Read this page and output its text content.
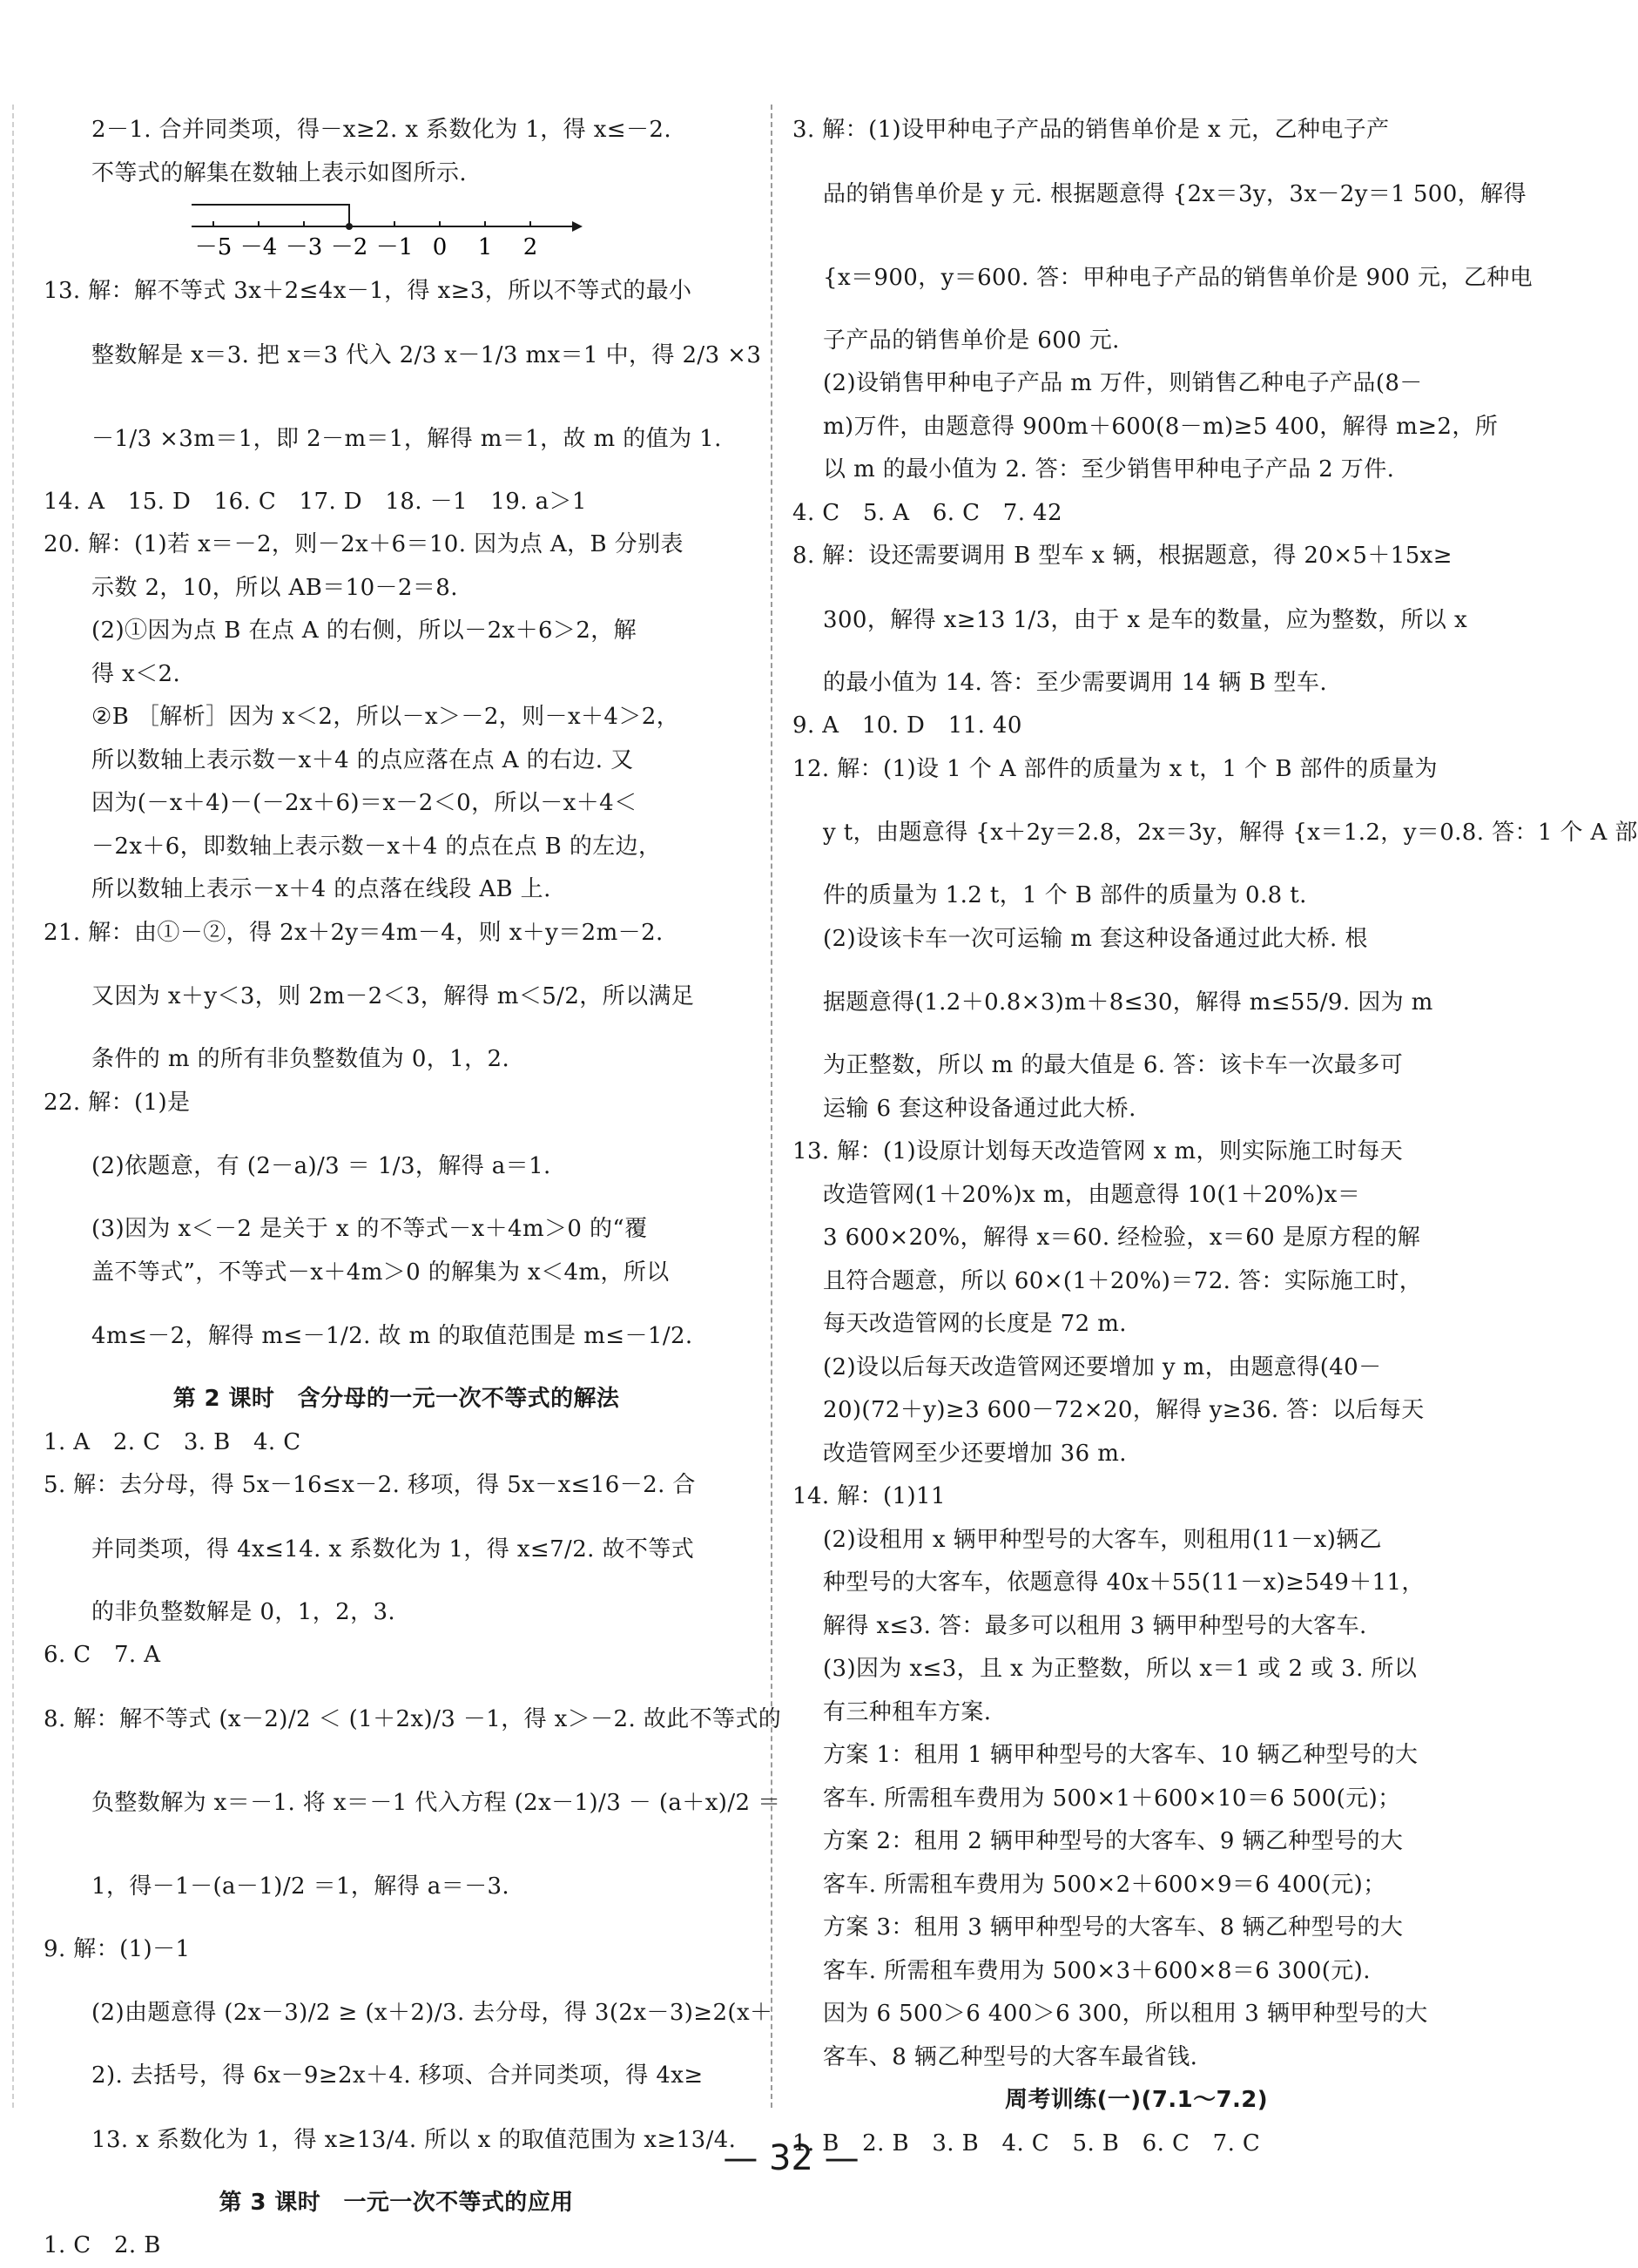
2－1. 合并同类项，得－x≥2. x 系数化为 1，得 x≤－2.
不等式的解集在数轴上表示如图所示.
－5 －4 －3 －2 －1 0 1 2
13. 解：解不等式 3x＋2≤4x－1，得 x≥3，所以不等式的最小
整数解是 x＝3. 把 x＝3 代入 2/3 x－1/3 mx＝1 中，得 2/3 ×3
－1/3 ×3m＝1，即 2－m＝1，解得 m＝1，故 m 的值为 1.
14. A　15. D　16. C　17. D　18. －1　19. a＞1
20. 解：(1)若 x＝－2，则－2x＋6＝10. 因为点 A，B 分别表
示数 2，10，所以 AB＝10－2＝8.
(2)①因为点 B 在点 A 的右侧，所以－2x＋6＞2，解
得 x＜2.
②B ［解析］因为 x＜2，所以－x＞－2，则－x＋4＞2，
所以数轴上表示数－x＋4 的点应落在点 A 的右边. 又
因为(－x＋4)－(－2x＋6)＝x－2＜0，所以－x＋4＜
－2x＋6，即数轴上表示数－x＋4 的点在点 B 的左边，
所以数轴上表示－x＋4 的点落在线段 AB 上.
21. 解：由①－②，得 2x＋2y＝4m－4，则 x＋y＝2m－2.
又因为 x＋y＜3，则 2m－2＜3，解得 m＜5/2，所以满足
条件的 m 的所有非负整数值为 0，1，2.
22. 解：(1)是
(2)依题意，有 (2－a)/3 ＝ 1/3，解得 a＝1.
(3)因为 x＜－2 是关于 x 的不等式－x＋4m＞0 的“覆
盖不等式”，不等式－x＋4m＞0 的解集为 x＜4m，所以
4m≤－2，解得 m≤－1/2. 故 m 的取值范围是 m≤－1/2.
第 2 课时　含分母的一元一次不等式的解法
1. A　2. C　3. B　4. C
5. 解：去分母，得 5x－16≤x－2. 移项，得 5x－x≤16－2. 合
并同类项，得 4x≤14. x 系数化为 1，得 x≤7/2. 故不等式
的非负整数解是 0，1，2，3.
6. C　7. A
8. 解：解不等式 (x－2)/2 ＜ (1＋2x)/3 －1，得 x＞－2. 故此不等式的
负整数解为 x＝－1. 将 x＝－1 代入方程 (2x－1)/3 － (a＋x)/2 ＝
1，得－1－(a－1)/2 ＝1，解得 a＝－3.
9. 解：(1)－1
(2)由题意得 (2x－3)/2 ≥ (x＋2)/3. 去分母，得 3(2x－3)≥2(x＋
2). 去括号，得 6x－9≥2x＋4. 移项、合并同类项，得 4x≥
13. x 系数化为 1，得 x≥13/4. 所以 x 的取值范围为 x≥13/4.
第 3 课时　一元一次不等式的应用
1. C　2. B
3. 解：(1)设甲种电子产品的销售单价是 x 元，乙种电子产
品的销售单价是 y 元. 根据题意得 {2x＝3y，3x－2y＝1 500，解得
{x＝900，y＝600. 答：甲种电子产品的销售单价是 900 元，乙种电
子产品的销售单价是 600 元.
(2)设销售甲种电子产品 m 万件，则销售乙种电子产品(8－
m)万件，由题意得 900m＋600(8－m)≥5 400，解得 m≥2，所
以 m 的最小值为 2. 答：至少销售甲种电子产品 2 万件.
4. C　5. A　6. C　7. 42
8. 解：设还需要调用 B 型车 x 辆，根据题意，得 20×5＋15x≥
300，解得 x≥13 1/3，由于 x 是车的数量，应为整数，所以 x
的最小值为 14. 答：至少需要调用 14 辆 B 型车.
9. A　10. D　11. 40
12. 解：(1)设 1 个 A 部件的质量为 x t，1 个 B 部件的质量为
y t，由题意得 {x＋2y＝2.8，2x＝3y，解得 {x＝1.2，y＝0.8. 答：1 个 A 部
件的质量为 1.2 t，1 个 B 部件的质量为 0.8 t.
(2)设该卡车一次可运输 m 套这种设备通过此大桥. 根
据题意得(1.2＋0.8×3)m＋8≤30，解得 m≤55/9. 因为 m
为正整数，所以 m 的最大值是 6. 答：该卡车一次最多可
运输 6 套这种设备通过此大桥.
13. 解：(1)设原计划每天改造管网 x m，则实际施工时每天
改造管网(1＋20%)x m，由题意得 10(1＋20%)x＝
3 600×20%，解得 x＝60. 经检验，x＝60 是原方程的解
且符合题意，所以 60×(1＋20%)＝72. 答：实际施工时，
每天改造管网的长度是 72 m.
(2)设以后每天改造管网还要增加 y m，由题意得(40－
20)(72＋y)≥3 600－72×20，解得 y≥36. 答：以后每天
改造管网至少还要增加 36 m.
14. 解：(1)11
(2)设租用 x 辆甲种型号的大客车，则租用(11－x)辆乙
种型号的大客车，依题意得 40x＋55(11－x)≥549＋11，
解得 x≤3. 答：最多可以租用 3 辆甲种型号的大客车.
(3)因为 x≤3，且 x 为正整数，所以 x＝1 或 2 或 3. 所以
有三种租车方案.
方案 1：租用 1 辆甲种型号的大客车、10 辆乙种型号的大
客车. 所需租车费用为 500×1＋600×10＝6 500(元)；
方案 2：租用 2 辆甲种型号的大客车、9 辆乙种型号的大
客车. 所需租车费用为 500×2＋600×9＝6 400(元)；
方案 3：租用 3 辆甲种型号的大客车、8 辆乙种型号的大
客车. 所需租车费用为 500×3＋600×8＝6 300(元).
因为 6 500＞6 400＞6 300，所以租用 3 辆甲种型号的大
客车、8 辆乙种型号的大客车最省钱.
周考训练(一)(7.1～7.2)
1. B　2. B　3. B　4. C　5. B　6. C　7. C
— 32 —
